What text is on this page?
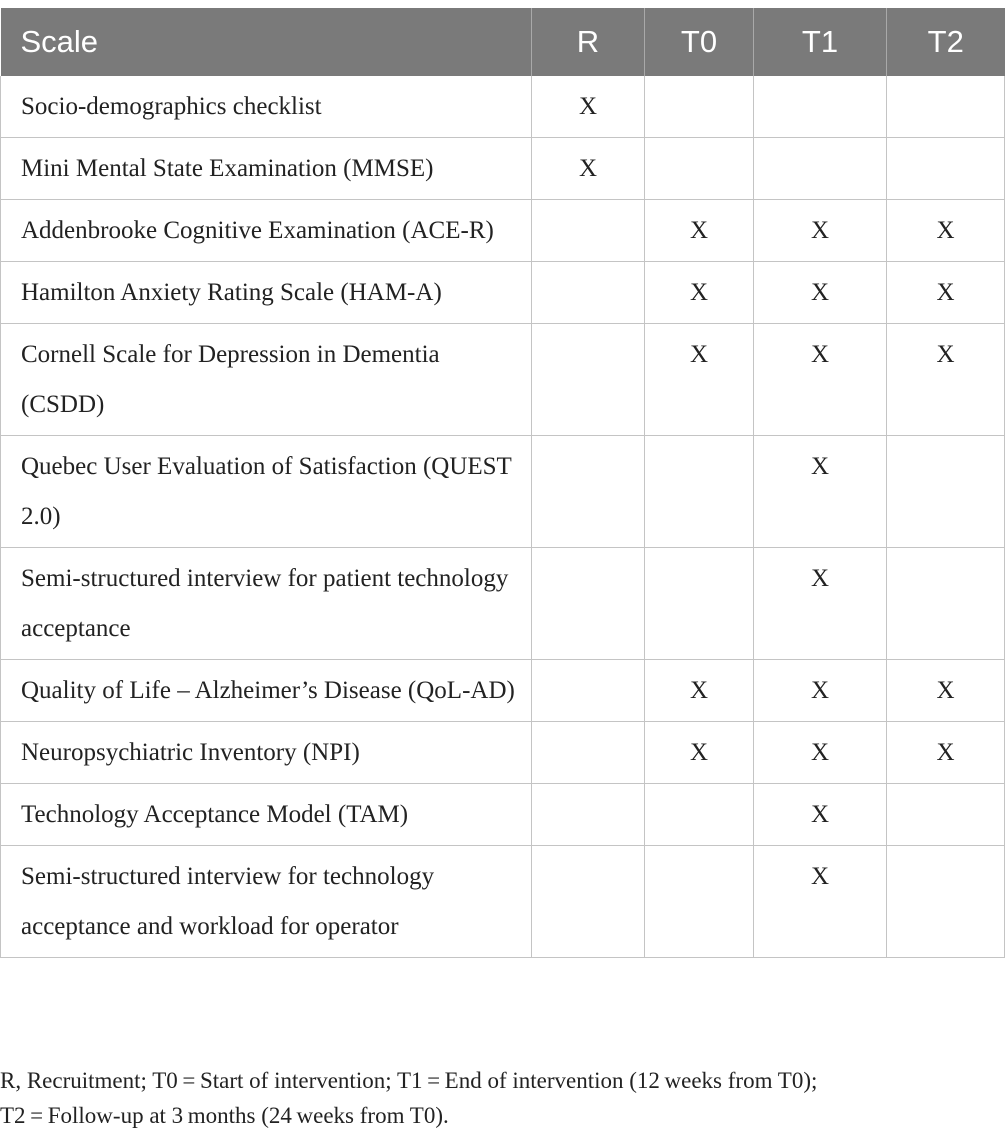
Scale	R	T0	T1	T2
Socio-demographics checklist	X			
Mini Mental State Examination (MMSE)	X			
Addenbrooke Cognitive Examination (ACE-R)		X	X	X
Hamilton Anxiety Rating Scale (HAM-A)		X	X	X
Cornell Scale for Depression in Dementia (CSDD)		X	X	X
Quebec User Evaluation of Satisfaction (QUEST 2.0)			X	
Semi-structured interview for patient technology acceptance			X	
Quality of Life – Alzheimer’s Disease (QoL-AD)		X	X	X
Neuropsychiatric Inventory (NPI)		X	X	X
Technology Acceptance Model (TAM)			X	
Semi-structured interview for technology acceptance and workload for operator			X	
R, Recruitment; T0 = Start of intervention; T1 = End of intervention (12 weeks from T0);
T2 = Follow-up at 3 months (24 weeks from T0).
